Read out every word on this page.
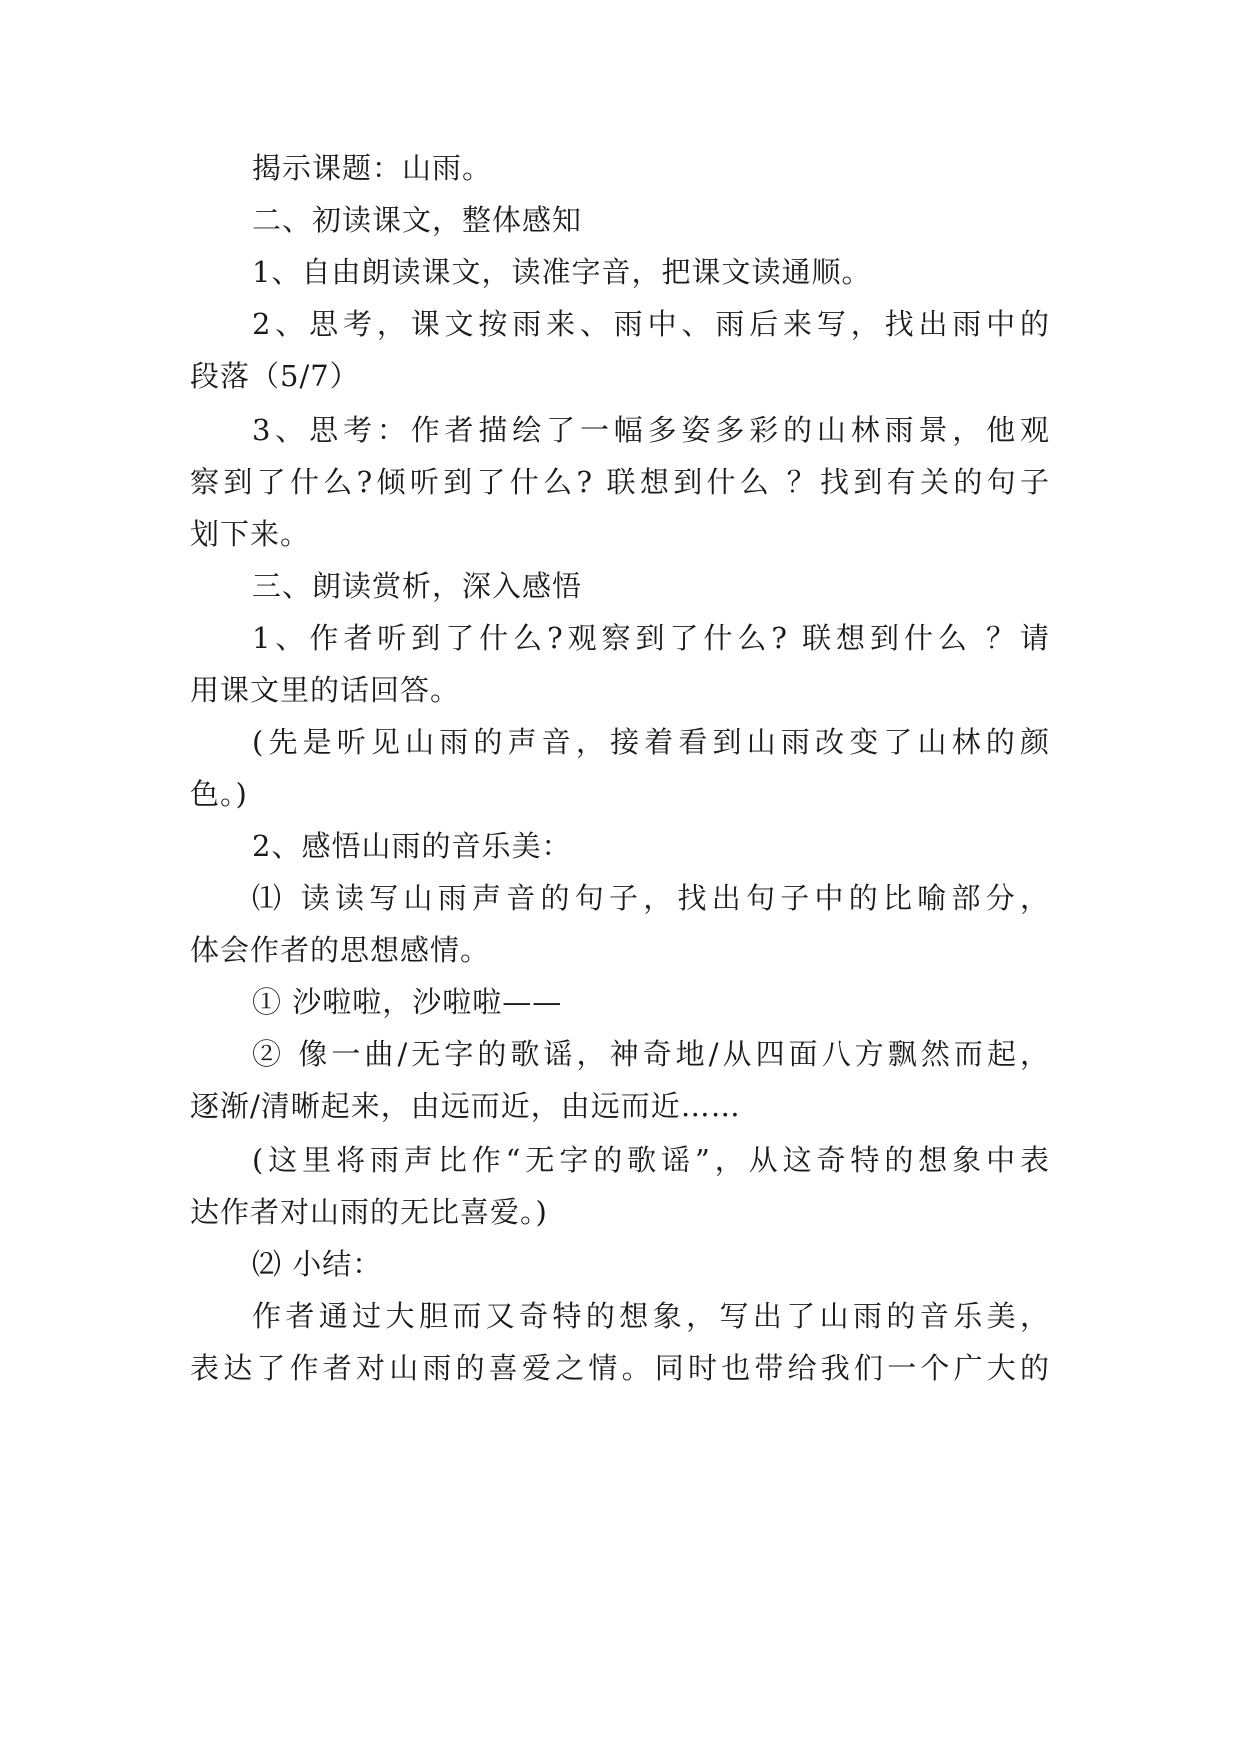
揭示课题：山雨。
二、初读课文，整体感知
1、自由朗读课文，读准字音，把课文读通顺。
2、思考，课文按雨来、雨中、雨后来写，找出雨中的
段落（5/7）
3、思考：作者描绘了一幅多姿多彩的山林雨景，他观
察到了什么?倾听到了什么? 联想到什么 ？找到有关的句子
划下来。
三、朗读赏析，深入感悟
1、作者听到了什么?观察到了什么? 联想到什么 ？请
用课文里的话回答。
(先是听见山雨的声音，接着看到山雨改变了山林的颜
色。)
2、感悟山雨的音乐美：
⑴ 读读写山雨声音的句子，找出句子中的比喻部分，
体会作者的思想感情。
① 沙啦啦，沙啦啦——
② 像一曲/无字的歌谣，神奇地/从四面八方飘然而起，
逐渐/清晰起来，由远而近，由远而近……
(这里将雨声比作“无字的歌谣”，从这奇特的想象中表
达作者对山雨的无比喜爱。)
⑵ 小结：
作者通过大胆而又奇特的想象，写出了山雨的音乐美，
表达了作者对山雨的喜爱之情。同时也带给我们一个广大的
